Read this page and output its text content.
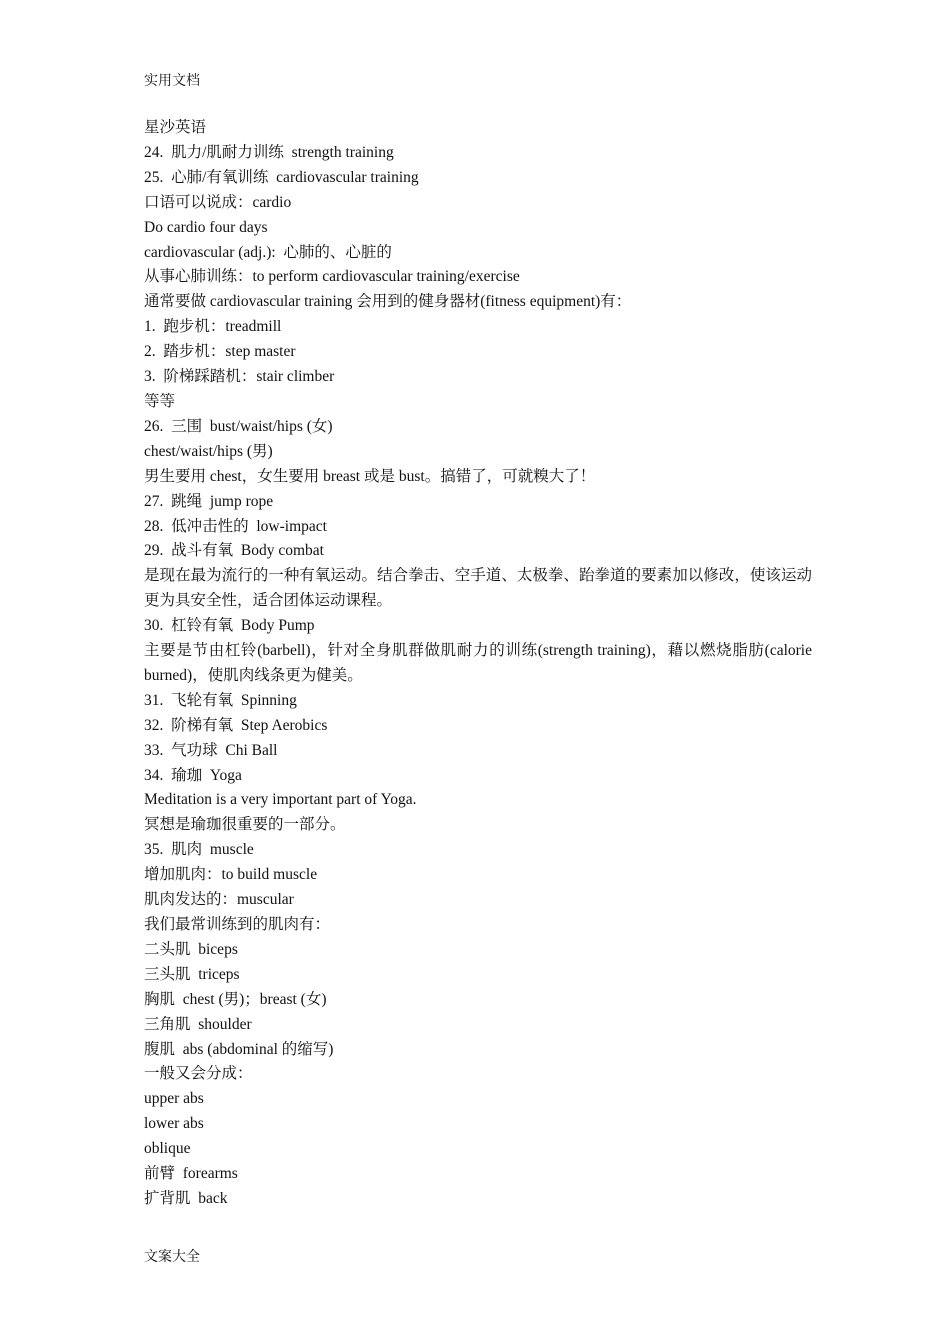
实用文档

星沙英语

24.  肌力/肌耐力训练  strength training

25.  心肺/有氧训练  cardiovascular training

口语可以说成：cardio

Do cardio four days

cardiovascular (adj.):  心肺的、心脏的

从事心肺训练：to perform cardiovascular training/exercise

通常要做 cardiovascular training 会用到的健身器材(fitness equipment)有：

1.  跑步机：treadmill

2.  踏步机：step master

3.  阶梯踩踏机：stair climber

等等

26.  三围  bust/waist/hips (女)

chest/waist/hips (男)

男生要用 chest，女生要用 breast 或是 bust。搞错了，可就糗大了！

27.  跳绳  jump rope

28.  低冲击性的  low-impact

29.  战斗有氧  Body combat

是现在最为流行的一种有氧运动。结合拳击、空手道、太极拳、跆拳道的要素加以修改，使该运动更为具安全性，适合团体运动课程。

30.  杠铃有氧  Body Pump

主要是节由杠铃(barbell)，针对全身肌群做肌耐力的训练(strength training)，藉以燃烧脂肪(calorie burned)，使肌肉线条更为健美。

31.  飞轮有氧  Spinning

32.  阶梯有氧  Step Aerobics

33.  气功球  Chi Ball

34.  瑜珈  Yoga

Meditation is a very important part of Yoga.

冥想是瑜珈很重要的一部分。

35.  肌肉  muscle

增加肌肉：to build muscle

肌肉发达的：muscular

我们最常训练到的肌肉有：

二头肌  biceps

三头肌  triceps

胸肌  chest (男)；breast (女)

三角肌  shoulder

腹肌  abs (abdominal 的缩写)

一般又会分成：

upper abs

lower abs

oblique

前臂  forearms

扩背肌  back

文案大全
